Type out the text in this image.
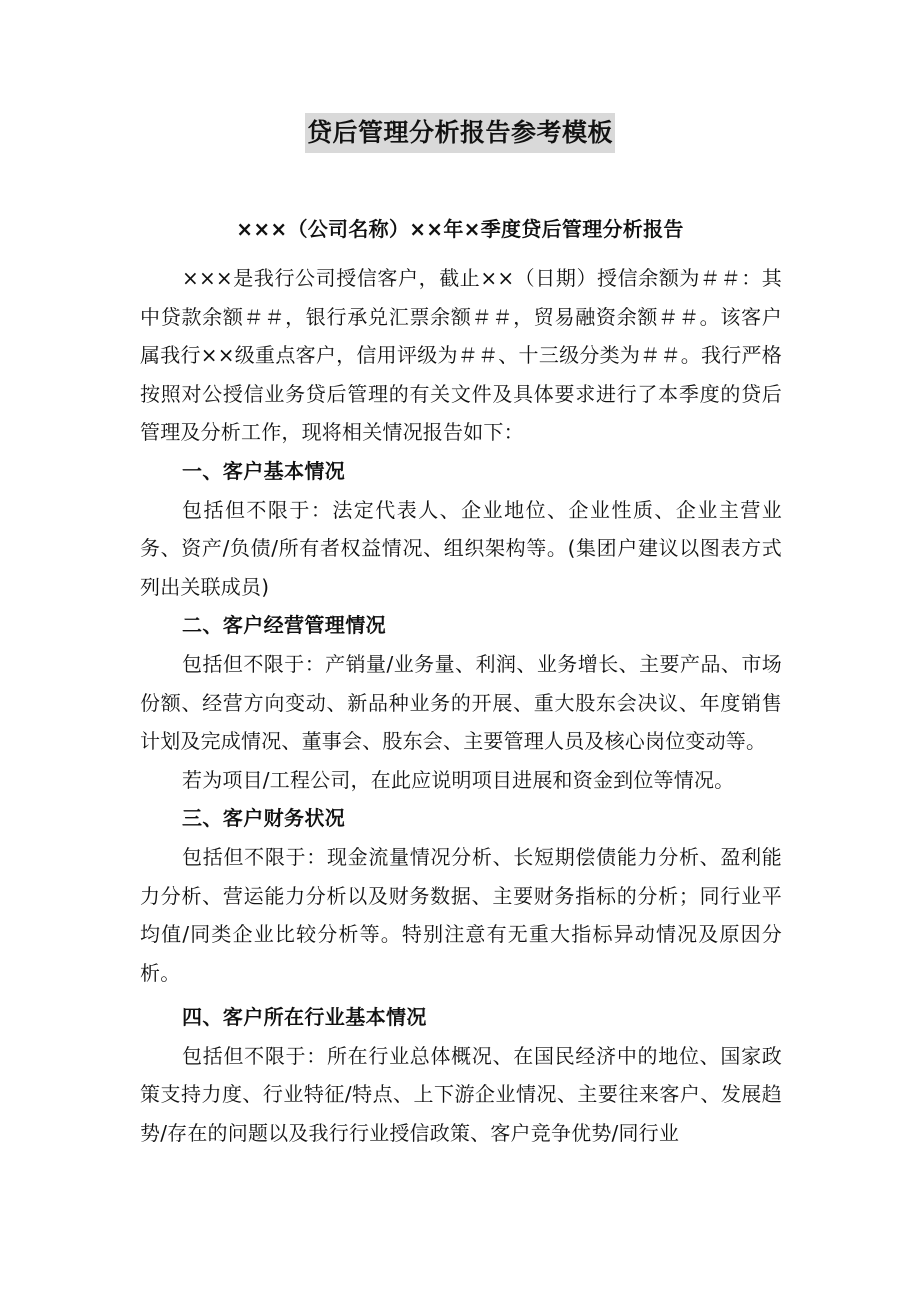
贷后管理分析报告参考模板
×××（公司名称）××年×季度贷后管理分析报告

×××是我行公司授信客户，截止××（日期）授信余额为＃＃：其中贷款余额＃＃，银行承兑汇票余额＃＃，贸易融资余额＃＃。该客户属我行××级重点客户，信用评级为＃＃、十三级分类为＃＃。我行严格按照对公授信业务贷后管理的有关文件及具体要求进行了本季度的贷后管理及分析工作，现将相关情况报告如下：

一、客户基本情况

包括但不限于：法定代表人、企业地位、企业性质、企业主营业务、资产/负债/所有者权益情况、组织架构等。(集团户建议以图表方式列出关联成员)

二、客户经营管理情况

包括但不限于：产销量/业务量、利润、业务增长、主要产品、市场份额、经营方向变动、新品种业务的开展、重大股东会决议、年度销售计划及完成情况、董事会、股东会、主要管理人员及核心岗位变动等。

若为项目/工程公司，在此应说明项目进展和资金到位等情况。

三、客户财务状况

包括但不限于：现金流量情况分析、长短期偿债能力分析、盈利能力分析、营运能力分析以及财务数据、主要财务指标的分析；同行业平均值/同类企业比较分析等。特别注意有无重大指标异动情况及原因分析。

四、客户所在行业基本情况

包括但不限于：所在行业总体概况、在国民经济中的地位、国家政策支持力度、行业特征/特点、上下游企业情况、主要往来客户、发展趋势/存在的问题以及我行行业授信政策、客户竞争优势/同行业
